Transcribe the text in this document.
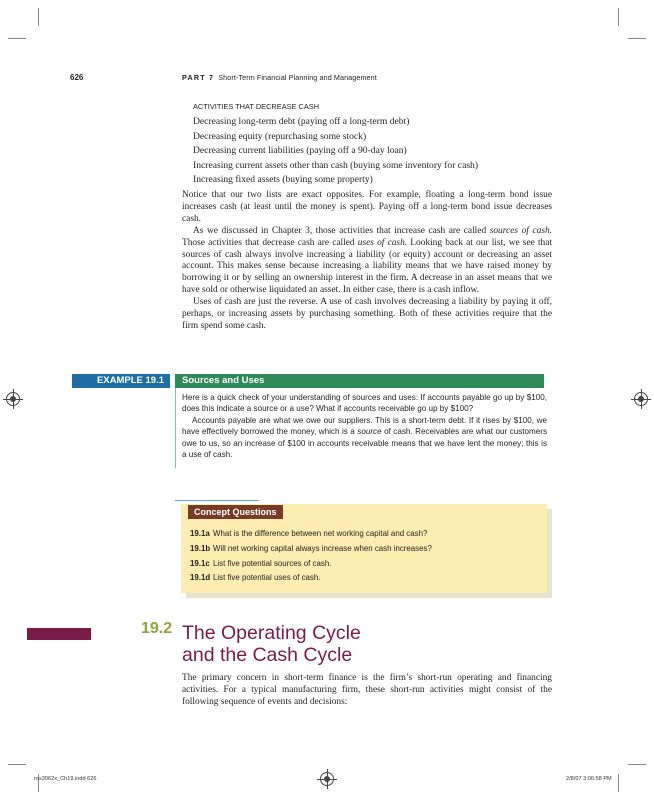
626	PART 7 Short-Term Financial Planning and Management
ACTIVITIES THAT DECREASE CASH
Decreasing long-term debt (paying off a long-term debt)
Decreasing equity (repurchasing some stock)
Decreasing current liabilities (paying off a 90-day loan)
Increasing current assets other than cash (buying some inventory for cash)
Increasing fixed assets (buying some property)

Notice that our two lists are exact opposites. For example, floating a long-term bond issue increases cash (at least until the money is spent). Paying off a long-term bond issue decreases cash.

As we discussed in Chapter 3, those activities that increase cash are called sources of cash. Those activities that decrease cash are called uses of cash. Looking back at our list, we see that sources of cash always involve increasing a liability (or equity) account or decreasing an asset account. This makes sense because increasing a liability means that we have raised money by borrowing it or by selling an ownership interest in the firm. A decrease in an asset means that we have sold or otherwise liquidated an asset. In either case, there is a cash inflow.

Uses of cash are just the reverse. A use of cash involves decreasing a liability by paying it off, perhaps, or increasing assets by purchasing something. Both of these activities require that the firm spend some cash.

EXAMPLE 19.1 Sources and Uses

Here is a quick check of your understanding of sources and uses: If accounts payable go up by $100, does this indicate a source or a use? What if accounts receivable go up by $100?

Accounts payable are what we owe our suppliers. This is a short-term debt. If it rises by $100, we have effectively borrowed the money, which is a source of cash. Receivables are what our customers owe to us, so an increase of $100 in accounts receivable means that we have lent the money; this is a use of cash.

Concept Questions
19.1a What is the difference between net working capital and cash?
19.1b Will net working capital always increase when cash increases?
19.1c List five potential sources of cash.
19.1d List five potential uses of cash.
19.2 The Operating Cycle
and the Cash Cycle
The primary concern in short-term finance is the firm’s short-run operating and financing activities. For a typical manufacturing firm, these short-run activities might consist of the following sequence of events and decisions:
ros3062x_Ch19.indd 626	2/8/07 3:06:58 PM
